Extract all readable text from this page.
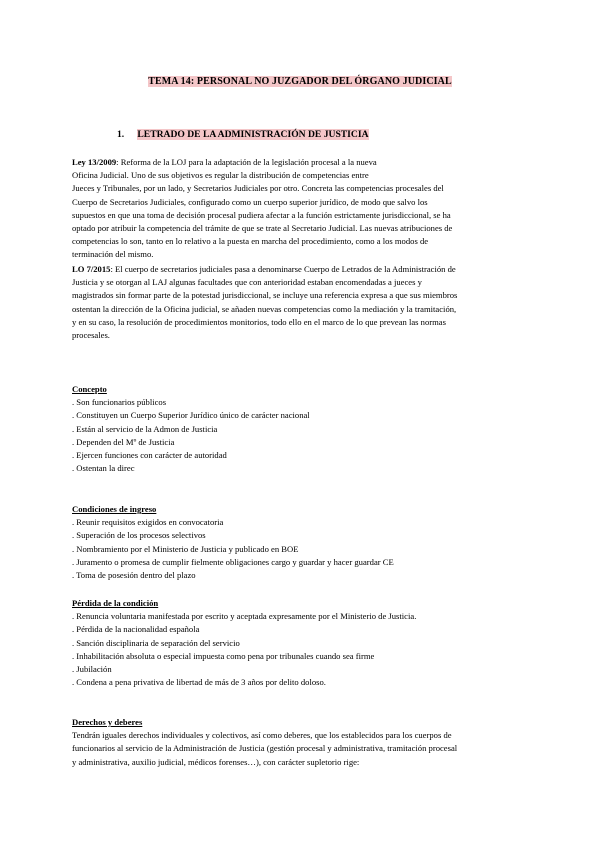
TEMA 14: PERSONAL NO JUZGADOR DEL ÓRGANO JUDICIAL
1. LETRADO DE LA ADMINISTRACIÓN DE JUSTICIA
Ley 13/2009: Reforma de la LOJ para la adaptación de la legislación procesal a la nueva
Oficina Judicial. Uno de sus objetivos es regular la distribución de competencias entre
Jueces y Tribunales, por un lado, y Secretarios Judiciales por otro. Concreta las competencias procesales del
Cuerpo de Secretarios Judiciales, configurado como un cuerpo superior jurídico, de modo que salvo los
supuestos en que una toma de decisión procesal pudiera afectar a la función estrictamente jurisdiccional, se ha
optado por atribuir la competencia del trámite de que se trate al Secretario Judicial. Las nuevas atribuciones de
competencias lo son, tanto en lo relativo a la puesta en marcha del procedimiento, como a los modos de
terminación del mismo.
LO 7/2015: El cuerpo de secretarios judiciales pasa a denominarse Cuerpo de Letrados de la Administración de
Justicia y se otorgan al LAJ algunas facultades que con anterioridad estaban encomendadas a jueces y
magistrados sin formar parte de la potestad jurisdiccional, se incluye una referencia expresa a que sus miembros
ostentan la dirección de la Oficina judicial, se añaden nuevas competencias como la mediación y la tramitación,
y en su caso, la resolución de procedimientos monitorios, todo ello en el marco de lo que prevean las normas
procesales.
Concepto
. Son funcionarios públicos
. Constituyen un Cuerpo Superior Jurídico único de carácter nacional
. Están al servicio de la Admon de Justicia
. Dependen del Mº de Justicia
. Ejercen funciones con carácter de autoridad
. Ostentan la direc
Condiciones de ingreso
. Reunir requisitos exigidos en convocatoria
. Superación de los procesos selectivos
. Nombramiento por el Ministerio de Justicia y publicado en BOE
. Juramento o promesa de cumplir fielmente obligaciones cargo y guardar y hacer guardar CE
. Toma de posesión dentro del plazo
Pérdida de la condición
. Renuncia voluntaria manifestada por escrito y aceptada expresamente por el Ministerio de Justicia.
. Pérdida de la nacionalidad española
. Sanción disciplinaria de separación del servicio
. Inhabilitación absoluta o especial impuesta como pena por tribunales cuando sea firme
. Jubilación
. Condena a pena privativa de libertad de más de 3 años por delito doloso.
Derechos y deberes
Tendrán iguales derechos individuales y colectivos, así como deberes, que los establecidos para los cuerpos de
funcionarios al servicio de la Administración de Justicia (gestión procesal y administrativa, tramitación procesal
y administrativa, auxilio judicial, médicos forenses…), con carácter supletorio rige:
